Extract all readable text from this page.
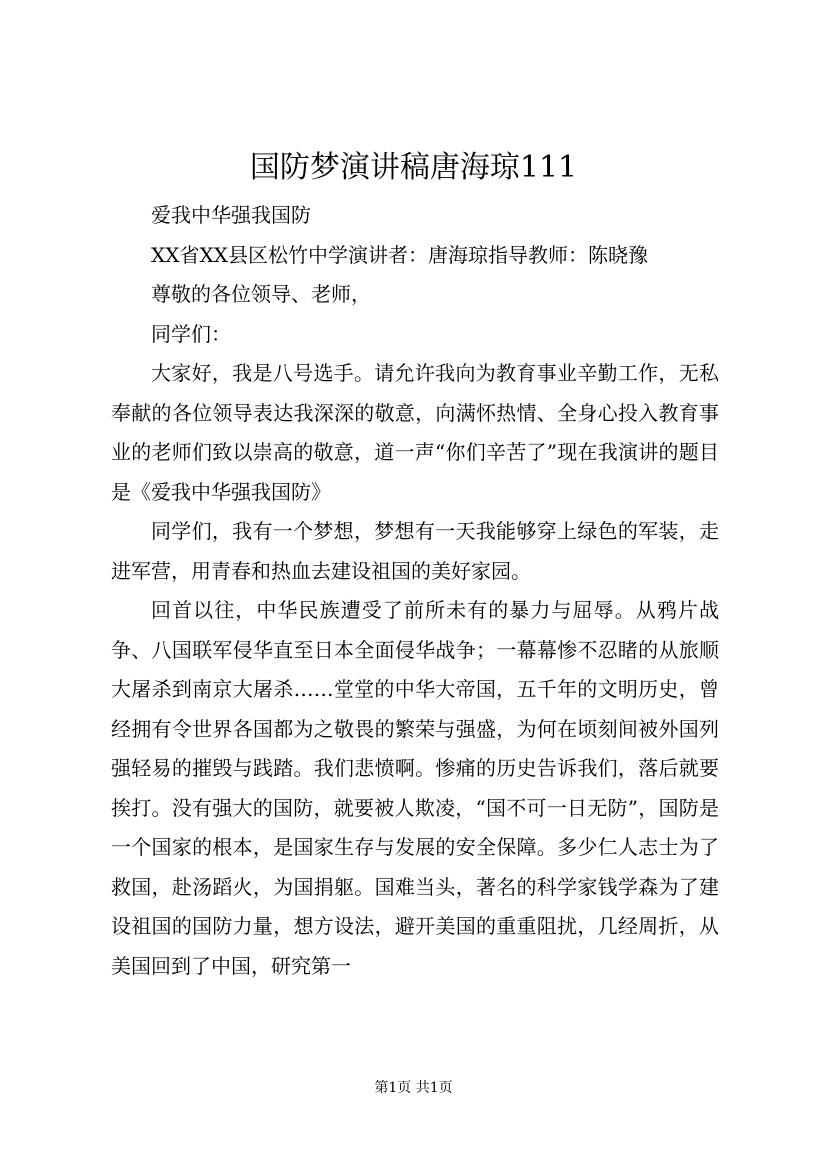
国防梦演讲稿唐海琼111

爱我中华强我国防

XX省XX县区松竹中学演讲者：唐海琼指导教师：陈晓豫

尊敬的各位领导、老师，

同学们：

大家好，我是八号选手。请允许我向为教育事业辛勤工作，无私奉献的各位领导表达我深深的敬意，向满怀热情、全身心投入教育事业的老师们致以崇高的敬意，道一声“你们辛苦了”现在我演讲的题目是《爱我中华强我国防》

同学们，我有一个梦想，梦想有一天我能够穿上绿色的军装，走进军营，用青春和热血去建设祖国的美好家园。

回首以往，中华民族遭受了前所未有的暴力与屈辱。从鸦片战争、八国联军侵华直至日本全面侵华战争；一幕幕惨不忍睹的从旅顺大屠杀到南京大屠杀……堂堂的中华大帝国，五千年的文明历史，曾经拥有令世界各国都为之敬畏的繁荣与强盛，为何在顷刻间被外国列强轻易的摧毁与践踏。我们悲愤啊。惨痛的历史告诉我们，落后就要挨打。没有强大的国防，就要被人欺凌，“国不可一日无防”，国防是一个国家的根本，是国家生存与发展的安全保障。多少仁人志士为了救国，赴汤蹈火，为国捐躯。国难当头，著名的科学家钱学森为了建设祖国的国防力量，想方设法，避开美国的重重阻扰，几经周折，从美国回到了中国，研究第一

第1页 共1页
